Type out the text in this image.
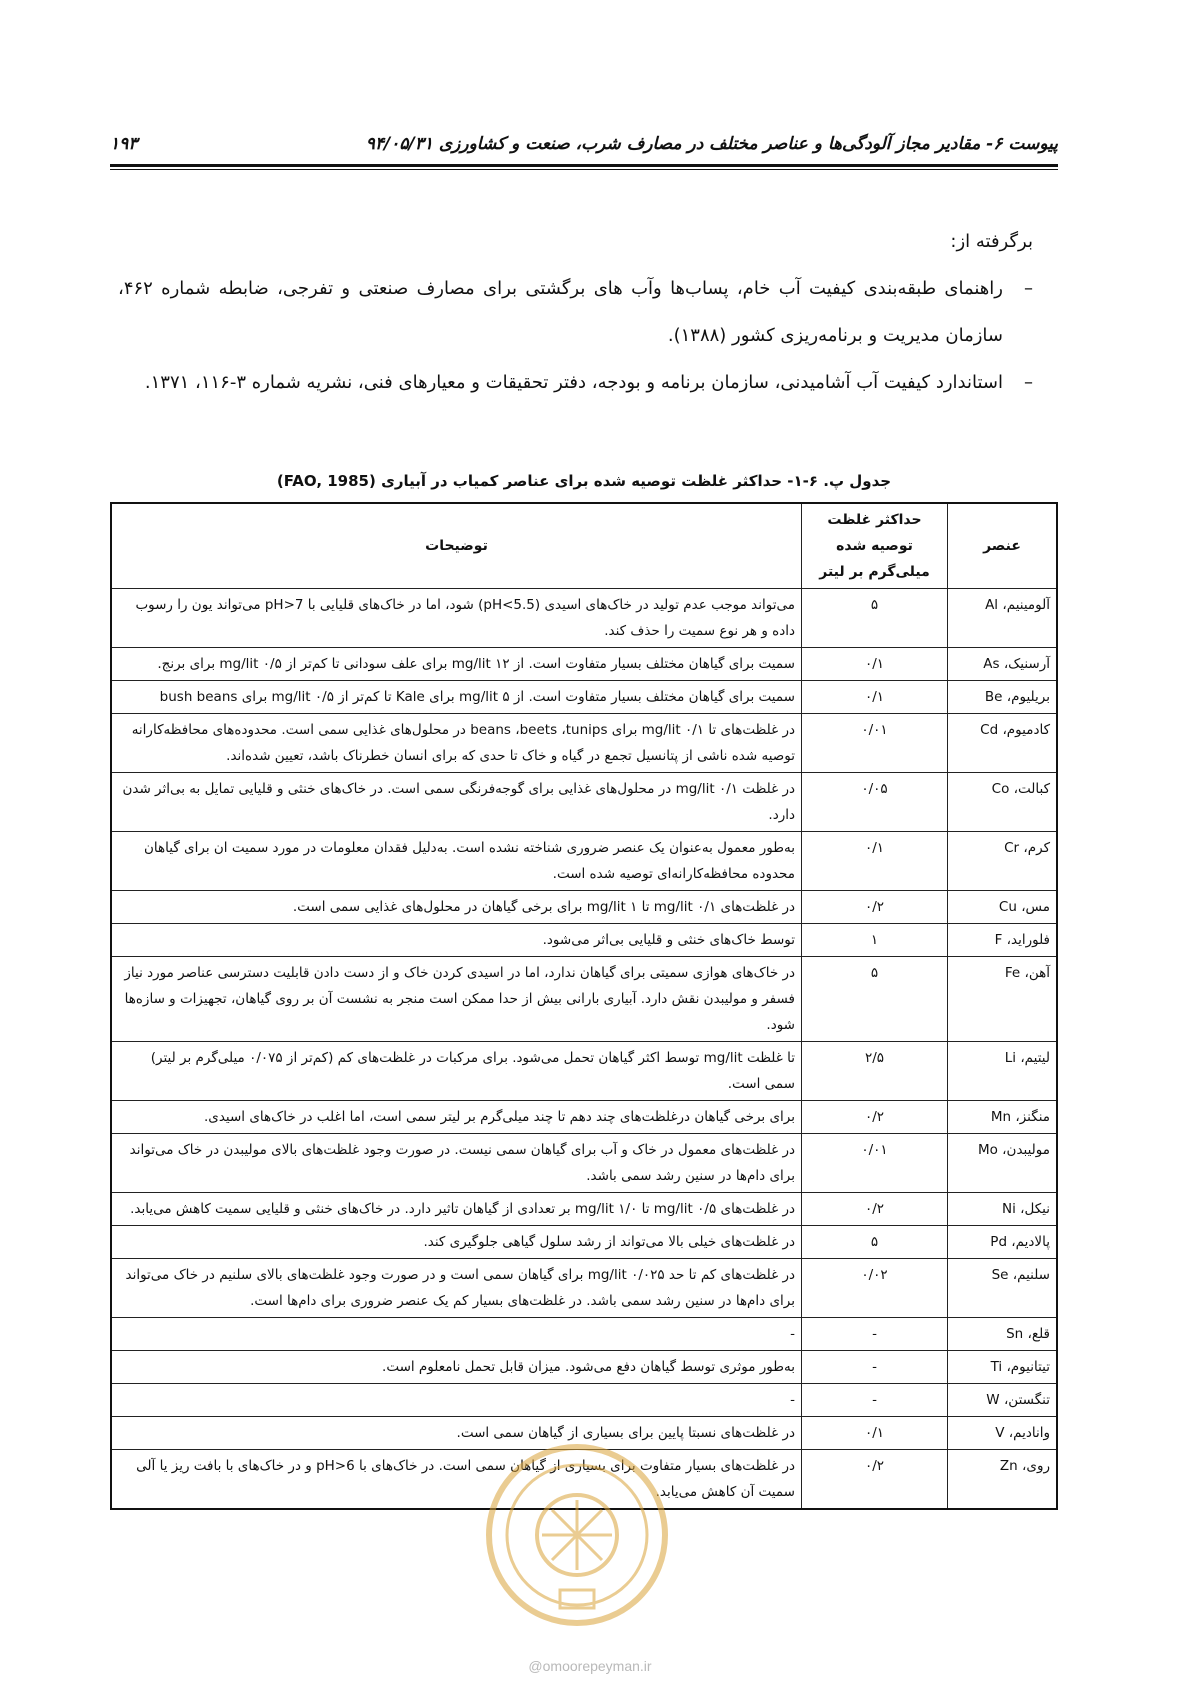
پیوست ۶- مقادیر مجاز آلودگی‌ها و عناصر مختلف در مصارف شرب، صنعت و کشاورزی ۹۴/۰۵/۳۱
۱۹۳

برگرفته از:

–
راهنمای طبقه‌بندی کیفیت آب خام، پساب‌ها وآب های برگشتی برای مصارف صنعتی و تفرجی، ضابطه شماره ۴۶۲، سازمان مدیریت و برنامه‌ریزی کشور (۱۳۸۸).

–
استاندارد کیفیت آب آشامیدنی، سازمان برنامه و بودجه، دفتر تحقیقات و معیارهای فنی، نشریه شماره ۳-۱۱۶، ۱۳۷۱.

جدول پ. ۶-۱- حداکثر غلظت توصیه شده برای عناصر کمیاب در آبیاری (FAO, 1985)
عنصر	حداکثر غلظت توصیه شده میلی‌گرم بر لیتر	توضیحات
آلومینیم، Al	۵	می‌تواند موجب عدم تولید در خاک‌های اسیدی (pH<5.5) شود، اما در خاک‌های قلیایی با pH>7 می‌تواند یون را رسوب داده و هر نوع سمیت را حذف کند.
آرسنیک، As	۰/۱	سمیت برای گیاهان مختلف بسیار متفاوت است. از ۱۲ mg/lit برای علف سودانی تا کم‌تر از ۰/۵ mg/lit برای برنج.
بریلیوم، Be	۰/۱	سمیت برای گیاهان مختلف بسیار متفاوت است. از ۵ mg/lit برای Kale تا کم‌تر از ۰/۵ mg/lit برای bush beans
کادمیوم، Cd	۰/۰۱	در غلظت‌های تا ۰/۱ mg/lit برای beans ،beets ،tunips در محلول‌های غذایی سمی است. محدوده‌های محافظه‌کارانه توصیه شده ناشی از پتانسیل تجمع در گیاه و خاک تا حدی که برای انسان خطرناک باشد، تعیین شده‌اند.
کبالت، Co	۰/۰۵	در غلظت ۰/۱ mg/lit در محلول‌های غذایی برای گوجه‌فرنگی سمی است. در خاک‌های خنثی و قلیایی تمایل به بی‌اثر شدن دارد.
کرم، Cr	۰/۱	به‌طور معمول به‌عنوان یک عنصر ضروری شناخته نشده است. به‌دلیل فقدان معلومات در مورد سمیت ان برای گیاهان محدوده محافظه‌کارانه‌ای توصیه شده است.
مس، Cu	۰/۲	در غلظت‌های ۰/۱ mg/lit تا ۱ mg/lit برای برخی گیاهان در محلول‌های غذایی سمی است.
فلوراید، F	۱	توسط خاک‌های خنثی و قلیایی بی‌اثر می‌شود.
آهن، Fe	۵	در خاک‌های هوازی سمیتی برای گیاهان ندارد، اما در اسیدی کردن خاک و از دست دادن قابلیت دسترسی عناصر مورد نیاز فسفر و مولیبدن نقش دارد. آبیاری بارانی بیش از حدا ممکن است منجر به نشست آن بر روی گیاهان، تجهیزات و سازه‌ها شود.
لیتیم، Li	۲/۵	تا غلظت mg/lit توسط اکثر گیاهان تحمل می‌شود. برای مرکبات در غلظت‌های کم (کم‌تر از ۰/۰۷۵ میلی‌گرم بر لیتر) سمی است.
منگنز، Mn	۰/۲	برای برخی گیاهان درغلظت‌های چند دهم تا چند میلی‌گرم بر لیتر سمی است، اما اغلب در خاک‌های اسیدی.
مولیبدن، Mo	۰/۰۱	در غلظت‌های معمول در خاک و آب برای گیاهان سمی نیست. در صورت وجود غلظت‌های بالای مولیبدن در خاک می‌تواند برای دام‌ها در سنین رشد سمی باشد.
نیکل، Ni	۰/۲	در غلظت‌های ۰/۵ mg/lit تا ۱/۰ mg/lit بر تعدادی از گیاهان تاثیر دارد. در خاک‌های خنثی و قلیایی سمیت کاهش می‌یابد.
پالادیم، Pd	۵	در غلظت‌های خیلی بالا می‌تواند از رشد سلول گیاهی جلوگیری کند.
سلنیم، Se	۰/۰۲	در غلظت‌های کم تا حد ۰/۰۲۵ mg/lit برای گیاهان سمی است و در صورت وجود غلظت‌های بالای سلنیم در خاک می‌تواند برای دام‌ها در سنین رشد سمی باشد. در غلظت‌های بسیار کم یک عنصر ضروری برای دام‌ها است.
قلع، Sn	-	-
تیتانیوم، Ti	-	به‌طور موثری توسط گیاهان دفع می‌شود. میزان قابل تحمل نامعلوم است.
تنگستن، W	-	-
وانادیم، V	۰/۱	در غلظت‌های نسبتا پایین برای بسیاری از گیاهان سمی است.
روی، Zn	۰/۲	در غلظت‌های بسیار متفاوت برای بسیاری از گیاهان سمی است. در خاک‌های با pH>6 و در خاک‌های با بافت ریز یا آلی سمیت آن کاهش می‌یابد.
@omoorepeyman.ir
